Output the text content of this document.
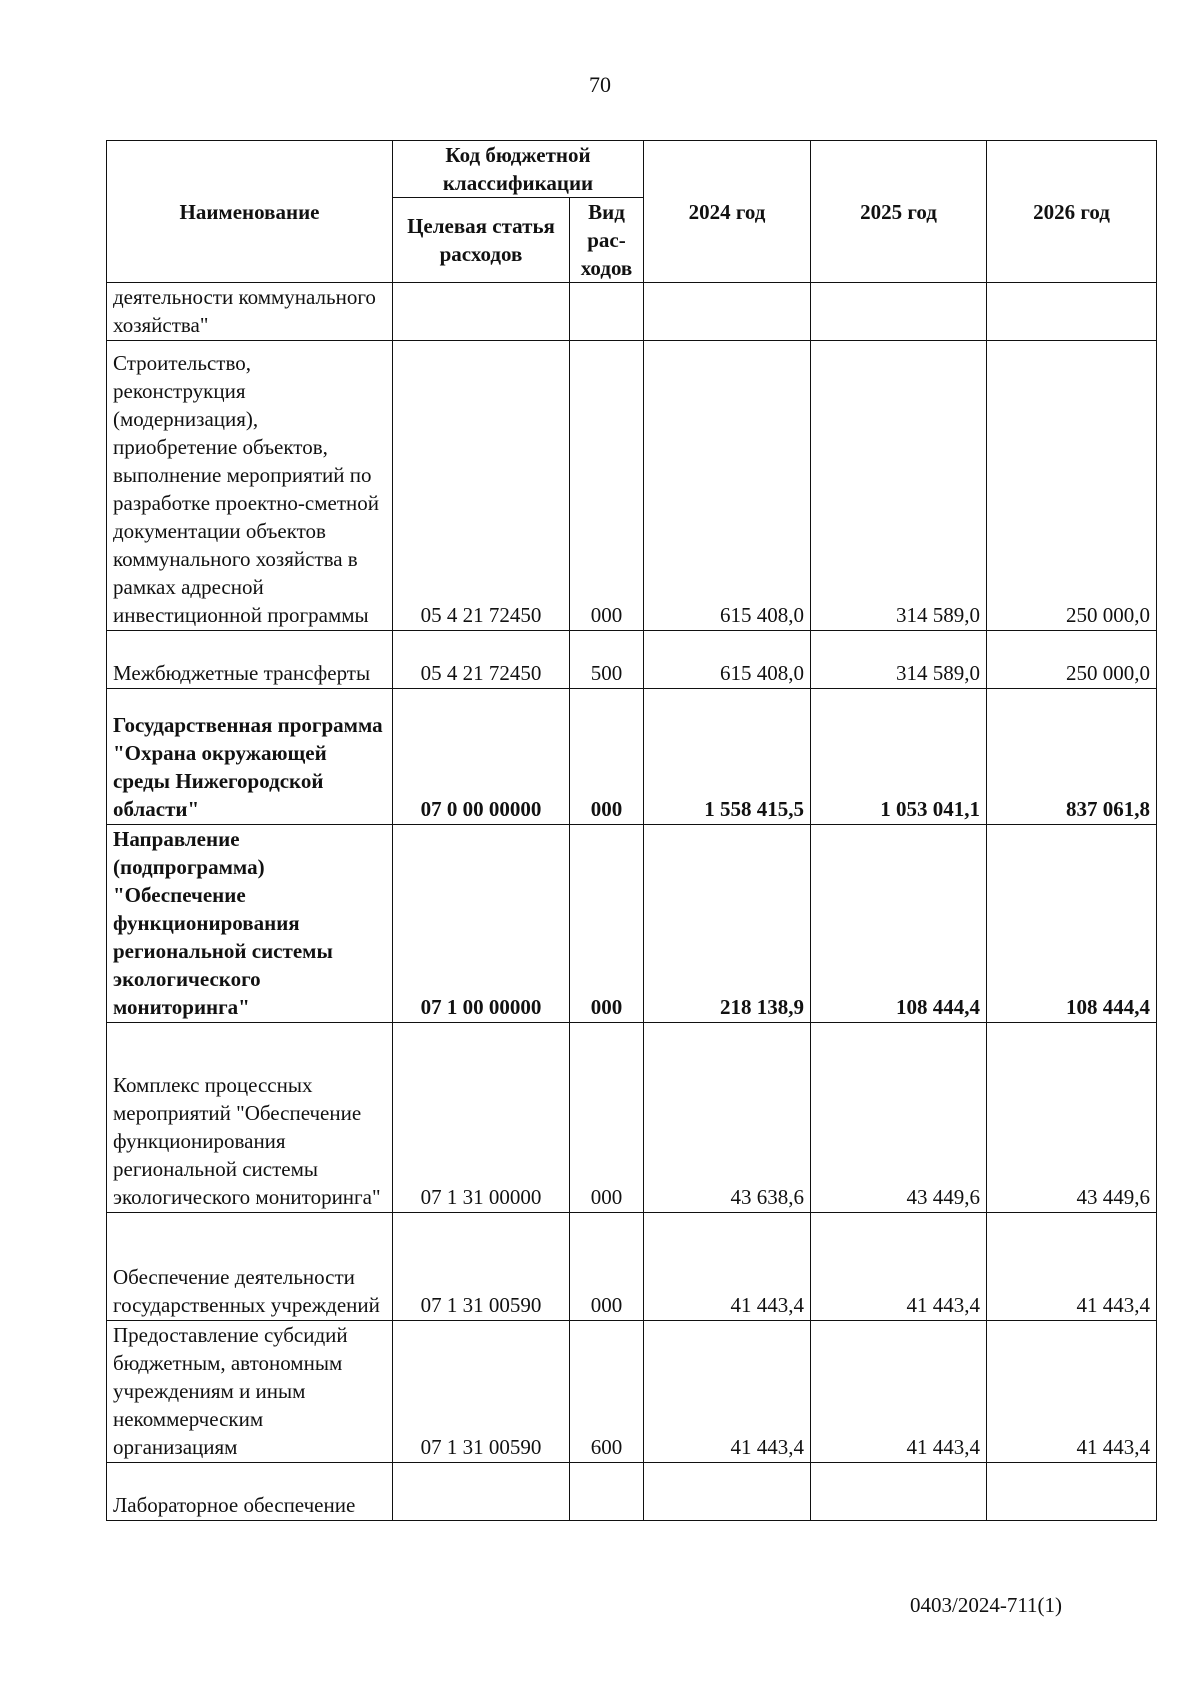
70
Наименование	Код бюджетной классификации		2024 год	2025 год	2026 год
	Целевая статья расходов	Вид рас-ходов			
деятельности коммунального хозяйства"					
Строительство, реконструкция (модернизация), приобретение объектов, выполнение мероприятий по разработке проектно-сметной документации объектов коммунального хозяйства в рамках адресной инвестиционной программы	05 4 21 72450	000	615 408,0	314 589,0	250 000,0
Межбюджетные трансферты	05 4 21 72450	500	615 408,0	314 589,0	250 000,0
Государственная программа "Охрана окружающей среды Нижегородской области"	07 0 00 00000	000	1 558 415,5	1 053 041,1	837 061,8
Направление (подпрограмма) "Обеспечение функционирования региональной системы экологического мониторинга"	07 1 00 00000	000	218 138,9	108 444,4	108 444,4
Комплекс процессных мероприятий "Обеспечение функционирования региональной системы экологического мониторинга"	07 1 31 00000	000	43 638,6	43 449,6	43 449,6
Обеспечение деятельности государственных учреждений	07 1 31 00590	000	41 443,4	41 443,4	41 443,4
Предоставление субсидий бюджетным, автономным учреждениям и иным некоммерческим организациям	07 1 31 00590	600	41 443,4	41 443,4	41 443,4
Лабораторное обеспечение					
0403/2024-711(1)
